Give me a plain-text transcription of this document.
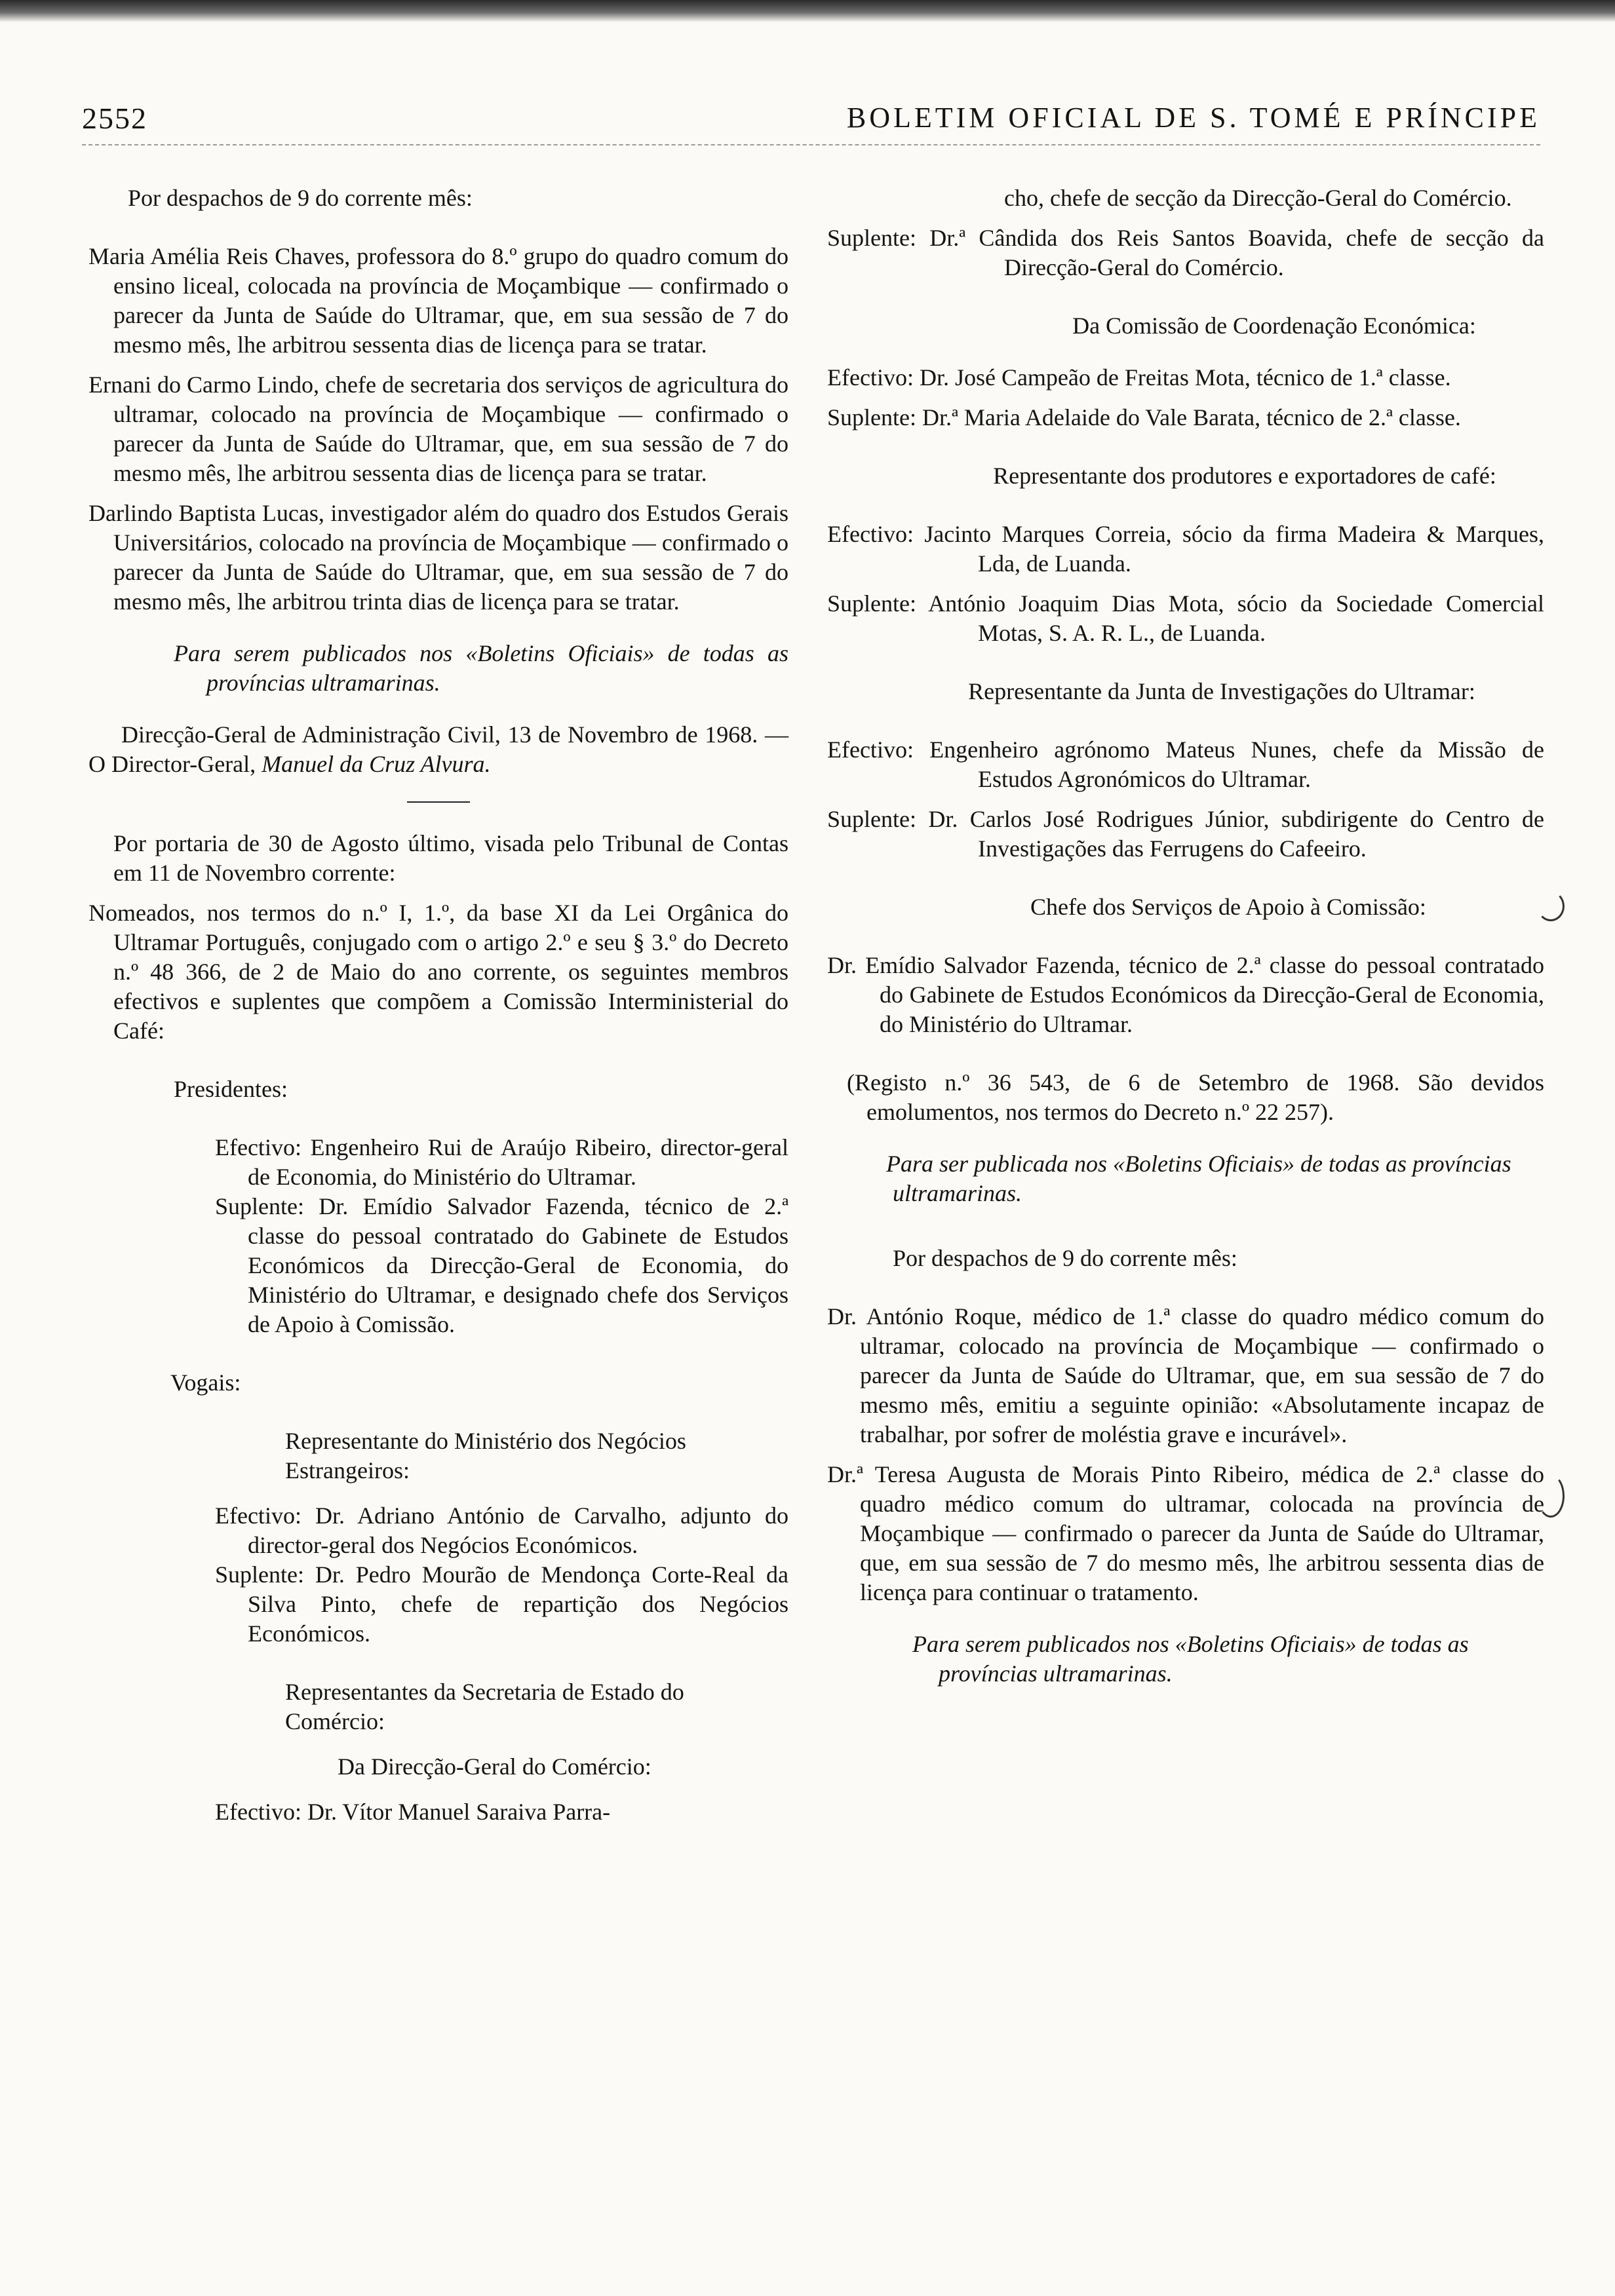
2552	BOLETIM OFICIAL DE S. TOMÉ E PRÍNCIPE

Por despachos de 9 do corrente mês:

Maria Amélia Reis Chaves, professora do 8.º grupo do quadro comum do ensino liceal, colocada na província de Moçambique — confirmado o parecer da Junta de Saúde do Ultramar, que, em sua sessão de 7 do mesmo mês, lhe arbitrou sessenta dias de licença para se tratar.

Ernani do Carmo Lindo, chefe de secretaria dos serviços de agricultura do ultramar, colocado na província de Moçambique — confirmado o parecer da Junta de Saúde do Ultramar, que, em sua sessão de 7 do mesmo mês, lhe arbitrou sessenta dias de licença para se tratar.

Darlindo Baptista Lucas, investigador além do quadro dos Estudos Gerais Universitários, colocado na província de Moçambique — confirmado o parecer da Junta de Saúde do Ultramar, que, em sua sessão de 7 do mesmo mês, lhe arbitrou trinta dias de licença para se tratar.

Para serem publicados nos «Boletins Oficiais» de todas as províncias ultramarinas.

Direcção-Geral de Administração Civil, 13 de Novembro de 1968. — O Director-Geral, Manuel da Cruz Alvura.

Por portaria de 30 de Agosto último, visada pelo Tribunal de Contas em 11 de Novembro corrente:

Nomeados, nos termos do n.º I, 1.º, da base XI da Lei Orgânica do Ultramar Português, conjugado com o artigo 2.º e seu § 3.º do Decreto n.º 48 366, de 2 de Maio do ano corrente, os seguintes membros efectivos e suplentes que compõem a Comissão Interministerial do Café:

Presidentes:

Efectivo: Engenheiro Rui de Araújo Ribeiro, director-geral de Economia, do Ministério do Ultramar.

Suplente: Dr. Emídio Salvador Fazenda, técnico de 2.ª classe do pessoal contratado do Gabinete de Estudos Económicos da Direcção-Geral de Economia, do Ministério do Ultramar, e designado chefe dos Serviços de Apoio à Comissão.

Vogais:

Representante do Ministério dos Negócios Estrangeiros:

Efectivo: Dr. Adriano António de Carvalho, adjunto do director-geral dos Negócios Económicos.

Suplente: Dr. Pedro Mourão de Mendonça Corte-Real da Silva Pinto, chefe de repartição dos Negócios Económicos.

Representantes da Secretaria de Estado do Comércio:

Da Direcção-Geral do Comércio:

Efectivo: Dr. Vítor Manuel Saraiva Parra-

cho, chefe de secção da Direcção-Geral do Comércio.

Suplente: Dr.ª Cândida dos Reis Santos Boavida, chefe de secção da Direcção-Geral do Comércio.

Da Comissão de Coordenação Económica:

Efectivo: Dr. José Campeão de Freitas Mota, técnico de 1.ª classe.

Suplente: Dr.ª Maria Adelaide do Vale Barata, técnico de 2.ª classe.

Representante dos produtores e exportadores de café:

Efectivo: Jacinto Marques Correia, sócio da firma Madeira & Marques, Lda, de Luanda.

Suplente: António Joaquim Dias Mota, sócio da Sociedade Comercial Motas, S. A. R. L., de Luanda.

Representante da Junta de Investigações do Ultramar:

Efectivo: Engenheiro agrónomo Mateus Nunes, chefe da Missão de Estudos Agronómicos do Ultramar.

Suplente: Dr. Carlos José Rodrigues Júnior, subdirigente do Centro de Investigações das Ferrugens do Cafeeiro.

Chefe dos Serviços de Apoio à Comissão:

Dr. Emídio Salvador Fazenda, técnico de 2.ª classe do pessoal contratado do Gabinete de Estudos Económicos da Direcção-Geral de Economia, do Ministério do Ultramar.

(Registo n.º 36 543, de 6 de Setembro de 1968. São devidos emolumentos, nos termos do Decreto n.º 22 257).

Para ser publicada nos «Boletins Oficiais» de todas as províncias ultramarinas.

Por despachos de 9 do corrente mês:

Dr. António Roque, médico de 1.ª classe do quadro médico comum do ultramar, colocado na província de Moçambique — confirmado o parecer da Junta de Saúde do Ultramar, que, em sua sessão de 7 do mesmo mês, emitiu a seguinte opinião: «Absolutamente incapaz de trabalhar, por sofrer de moléstia grave e incurável».

Dr.ª Teresa Augusta de Morais Pinto Ribeiro, médica de 2.ª classe do quadro médico comum do ultramar, colocada na província de Moçambique — confirmado o parecer da Junta de Saúde do Ultramar, que, em sua sessão de 7 do mesmo mês, lhe arbitrou sessenta dias de licença para continuar o tratamento.

Para serem publicados nos «Boletins Oficiais» de todas as províncias ultramarinas.
